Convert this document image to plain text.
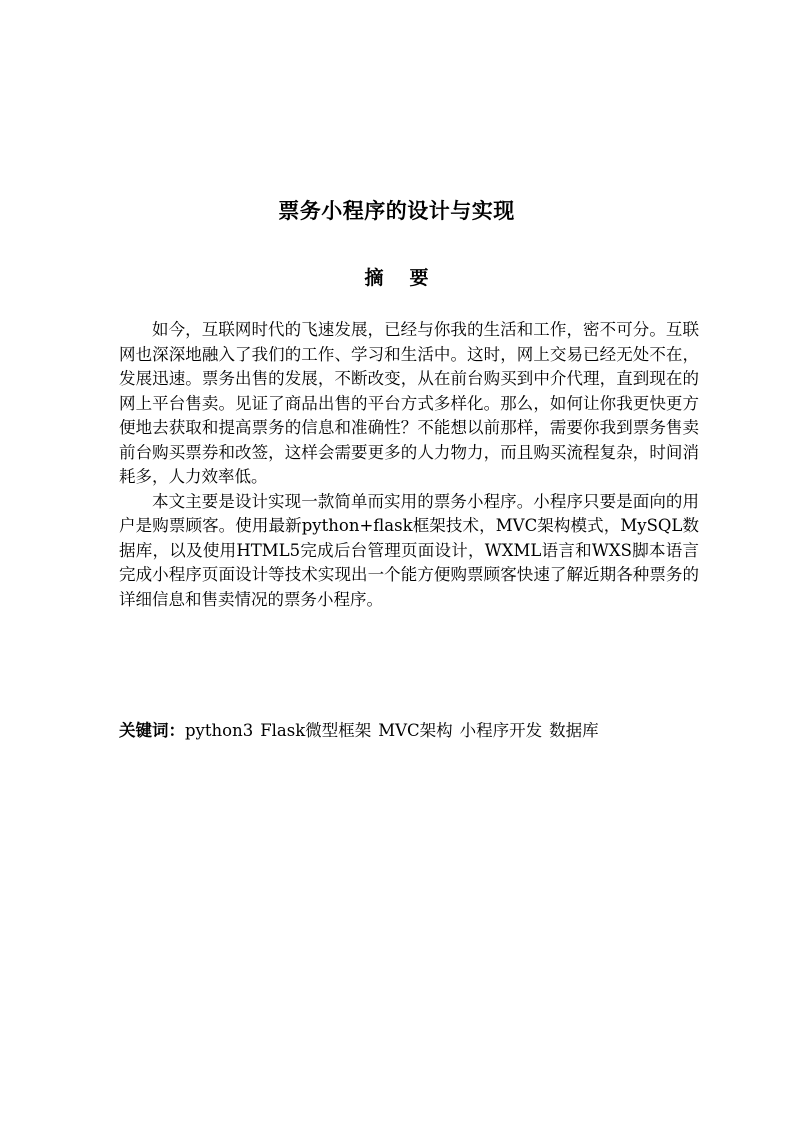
票务小程序的设计与实现
摘要

如今，互联网时代的飞速发展，已经与你我的生活和工作，密不可分。互联网也深深地融入了我们的工作、学习和生活中。这时，网上交易已经无处不在，发展迅速。票务出售的发展，不断改变，从在前台购买到中介代理，直到现在的网上平台售卖。见证了商品出售的平台方式多样化。那么，如何让你我更快更方便地去获取和提高票务的信息和准确性？不能想以前那样，需要你我到票务售卖前台购买票券和改签，这样会需要更多的人力物力，而且购买流程复杂，时间消耗多，人力效率低。

本文主要是设计实现一款简单而实用的票务小程序。小程序只要是面向的用户是购票顾客。使用最新python+flask框架技术，MVC架构模式，MySQL数据库，以及使用HTML5完成后台管理页面设计，WXML语言和WXS脚本语言完成小程序页面设计等技术实现出一个能方便购票顾客快速了解近期各种票务的详细信息和售卖情况的票务小程序。

关键词：python3 Flask微型框架 MVC架构 小程序开发 数据库
